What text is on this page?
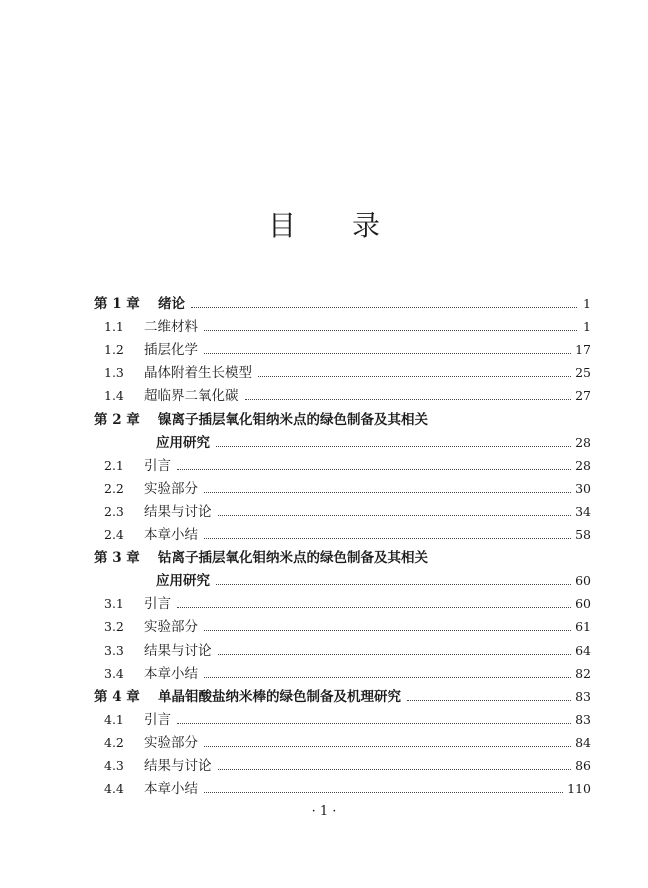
目 录
第 1 章 绪论	1
1.1 二维材料	1
1.2 插层化学	17
1.3 晶体附着生长模型	25
1.4 超临界二氧化碳	27
第 2 章 镍离子插层氧化钼纳米点的绿色制备及其相关
应用研究	28
2.1 引言	28
2.2 实验部分	30
2.3 结果与讨论	34
2.4 本章小结	58
第 3 章 钴离子插层氧化钼纳米点的绿色制备及其相关
应用研究	60
3.1 引言	60
3.2 实验部分	61
3.3 结果与讨论	64
3.4 本章小结	82
第 4 章 单晶钼酸盐纳米棒的绿色制备及机理研究	83
4.1 引言	83
4.2 实验部分	84
4.3 结果与讨论	86
4.4 本章小结	110
· 1 ·
